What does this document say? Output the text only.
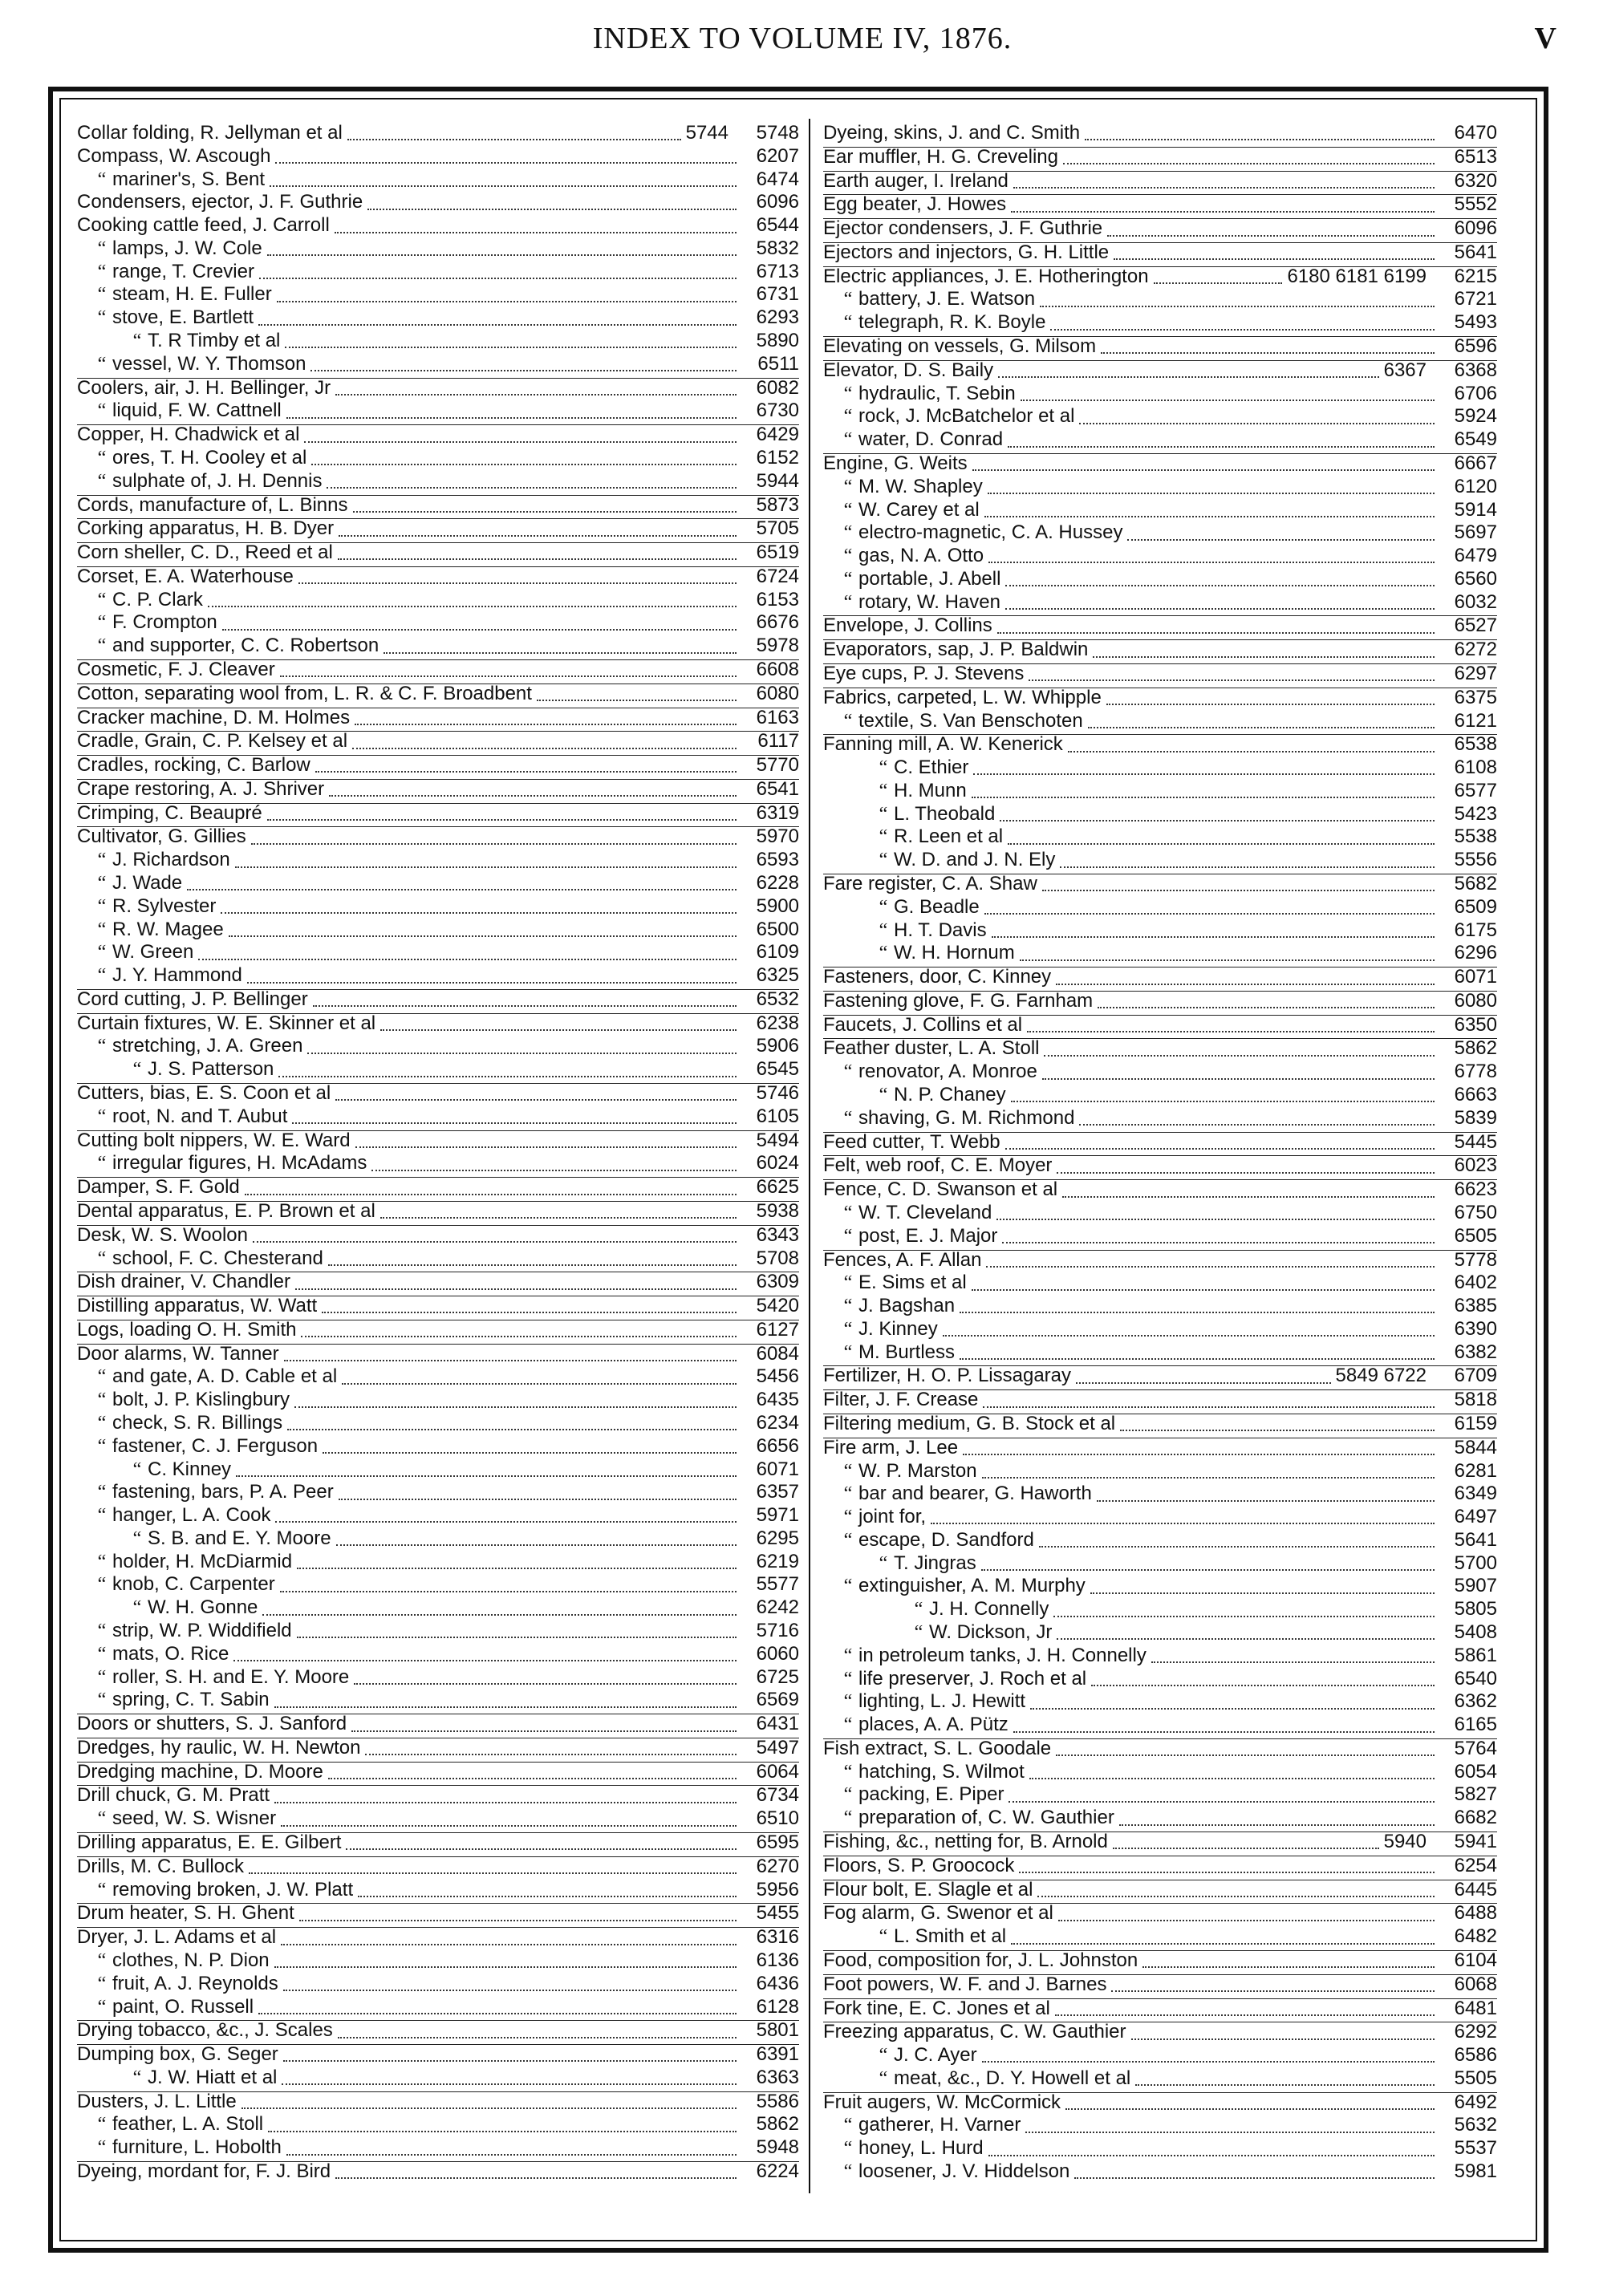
INDEX TO VOLUME IV, 1876.	V
Collar folding, R. Jellyman et al	5744	5748
Compass, W. Ascough	6207
“ mariner's, S. Bent	6474
Condensers, ejector, J. F. Guthrie	6096
Cooking cattle feed, J. Carroll	6544
“ lamps, J. W. Cole	5832
“ range, T. Crevier	6713
“ steam, H. E. Fuller	6731
“ stove, E. Bartlett	6293
“ T. R Timby et al	5890
“ vessel, W. Y. Thomson	6511
Coolers, air, J. H. Bellinger, Jr	6082
“ liquid, F. W. Cattnell	6730
Copper, H. Chadwick et al	6429
“ ores, T. H. Cooley et al	6152
“ sulphate of, J. H. Dennis	5944
Cords, manufacture of, L. Binns	5873
Corking apparatus, H. B. Dyer	5705
Corn sheller, C. D., Reed et al	6519
Corset, E. A. Waterhouse	6724
“ C. P. Clark	6153
“ F. Crompton	6676
“ and supporter, C. C. Robertson	5978
Cosmetic, F. J. Cleaver	6608
Cotton, separating wool from, L. R. & C. F. Broadbent	6080
Cracker machine, D. M. Holmes	6163
Cradle, Grain, C. P. Kelsey et al	6117
Cradles, rocking, C. Barlow	5770
Crape restoring, A. J. Shriver	6541
Crimping, C. Beaupré	6319
Cultivator, G. Gillies	5970
“ J. Richardson	6593
“ J. Wade	6228
“ R. Sylvester	5900
“ R. W. Magee	6500
“ W. Green	6109
“ J. Y. Hammond	6325
Cord cutting, J. P. Bellinger	6532
Curtain fixtures, W. E. Skinner et al	6238
“ stretching, J. A. Green	5906
“ J. S. Patterson	6545
Cutters, bias, E. S. Coon et al	5746
“ root, N. and T. Aubut	6105
Cutting bolt nippers, W. E. Ward	5494
“ irregular figures, H. McAdams	6024
Damper, S. F. Gold	6625
Dental apparatus, E. P. Brown et al	5938
Desk, W. S. Woolon	6343
“ school, F. C. Chesterand	5708
Dish drainer, V. Chandler	6309
Distilling apparatus, W. Watt	5420
Logs, loading O. H. Smith	6127
Door alarms, W. Tanner	6084
“ and gate, A. D. Cable et al	5456
“ bolt, J. P. Kislingbury	6435
“ check, S. R. Billings	6234
“ fastener, C. J. Ferguson	6656
“ C. Kinney	6071
“ fastening, bars, P. A. Peer	6357
“ hanger, L. A. Cook	5971
“ S. B. and E. Y. Moore	6295
“ holder, H. McDiarmid	6219
“ knob, C. Carpenter	5577
“ W. H. Gonne	6242
“ strip, W. P. Widdifield	5716
“ mats, O. Rice	6060
“ roller, S. H. and E. Y. Moore	6725
“ spring, C. T. Sabin	6569
Doors or shutters, S. J. Sanford	6431
Dredges, hy raulic, W. H. Newton	5497
Dredging machine, D. Moore	6064
Drill chuck, G. M. Pratt	6734
“ seed, W. S. Wisner	6510
Drilling apparatus, E. E. Gilbert	6595
Drills, M. C. Bullock	6270
“ removing broken, J. W. Platt	5956
Drum heater, S. H. Ghent	5455
Dryer, J. L. Adams et al	6316
“ clothes, N. P. Dion	6136
“ fruit, A. J. Reynolds	6436
“ paint, O. Russell	6128
Drying tobacco, &c., J. Scales	5801
Dumping box, G. Seger	6391
“ J. W. Hiatt et al	6363
Dusters, J. L. Little	5586
“ feather, L. A. Stoll	5862
“ furniture, L. Hobolth	5948
Dyeing, mordant for, F. J. Bird	6224
Dyeing, skins, J. and C. Smith	6470
Ear muffler, H. G. Creveling	6513
Earth auger, I. Ireland	6320
Egg beater, J. Howes	5552
Ejector condensers, J. F. Guthrie	6096
Ejectors and injectors, G. H. Little	5641
Electric appliances, J. E. Hotherington	6180 6181 6199	6215
“ battery, J. E. Watson	6721
“ telegraph, R. K. Boyle	5493
Elevating on vessels, G. Milsom	6596
Elevator, D. S. Baily	6367	6368
“ hydraulic, T. Sebin	6706
“ rock, J. McBatchelor et al	5924
“ water, D. Conrad	6549
Engine, G. Weits	6667
“ M. W. Shapley	6120
“ W. Carey et al	5914
“ electro-magnetic, C. A. Hussey	5697
“ gas, N. A. Otto	6479
“ portable, J. Abell	6560
“ rotary, W. Haven	6032
Envelope, J. Collins	6527
Evaporators, sap, J. P. Baldwin	6272
Eye cups, P. J. Stevens	6297
Fabrics, carpeted, L. W. Whipple	6375
“ textile, S. Van Benschoten	6121
Fanning mill, A. W. Kenerick	6538
“ C. Ethier	6108
“ H. Munn	6577
“ L. Theobald	5423
“ R. Leen et al	5538
“ W. D. and J. N. Ely	5556
Fare register, C. A. Shaw	5682
“ G. Beadle	6509
“ H. T. Davis	6175
“ W. H. Hornum	6296
Fasteners, door, C. Kinney	6071
Fastening glove, F. G. Farnham	6080
Faucets, J. Collins et al	6350
Feather duster, L. A. Stoll	5862
“ renovator, A. Monroe	6778
“ N. P. Chaney	6663
“ shaving, G. M. Richmond	5839
Feed cutter, T. Webb	5445
Felt, web roof, C. E. Moyer	6023
Fence, C. D. Swanson et al	6623
“ W. T. Cleveland	6750
“ post, E. J. Major	6505
Fences, A. F. Allan	5778
“ E. Sims et al	6402
“ J. Bagshan	6385
“ J. Kinney	6390
“ M. Burtless	6382
Fertilizer, H. O. P. Lissagaray	5849 6722	6709
Filter, J. F. Crease	5818
Filtering medium, G. B. Stock et al	6159
Fire arm, J. Lee	5844
“ W. P. Marston	6281
“ bar and bearer, G. Haworth	6349
“ joint for,	6497
“ escape, D. Sandford	5641
“ T. Jingras	5700
“ extinguisher, A. M. Murphy	5907
“ J. H. Connelly	5805
“ W. Dickson, Jr	5408
“ in petroleum tanks, J. H. Connelly	5861
“ life preserver, J. Roch et al	6540
“ lighting, L. J. Hewitt	6362
“ places, A. A. Pütz	6165
Fish extract, S. L. Goodale	5764
“ hatching, S. Wilmot	6054
“ packing, E. Piper	5827
“ preparation of, C. W. Gauthier	6682
Fishing, &c., netting for, B. Arnold	5940	5941
Floors, S. P. Groocock	6254
Flour bolt, E. Slagle et al	6445
Fog alarm, G. Swenor et al	6488
“ L. Smith et al	6482
Food, composition for, J. L. Johnston	6104
Foot powers, W. F. and J. Barnes	6068
Fork tine, E. C. Jones et al	6481
Freezing apparatus, C. W. Gauthier	6292
“ J. C. Ayer	6586
“ meat, &c., D. Y. Howell et al	5505
Fruit augers, W. McCormick	6492
“ gatherer, H. Varner	5632
“ honey, L. Hurd	5537
“ loosener, J. V. Hiddelson	5981
